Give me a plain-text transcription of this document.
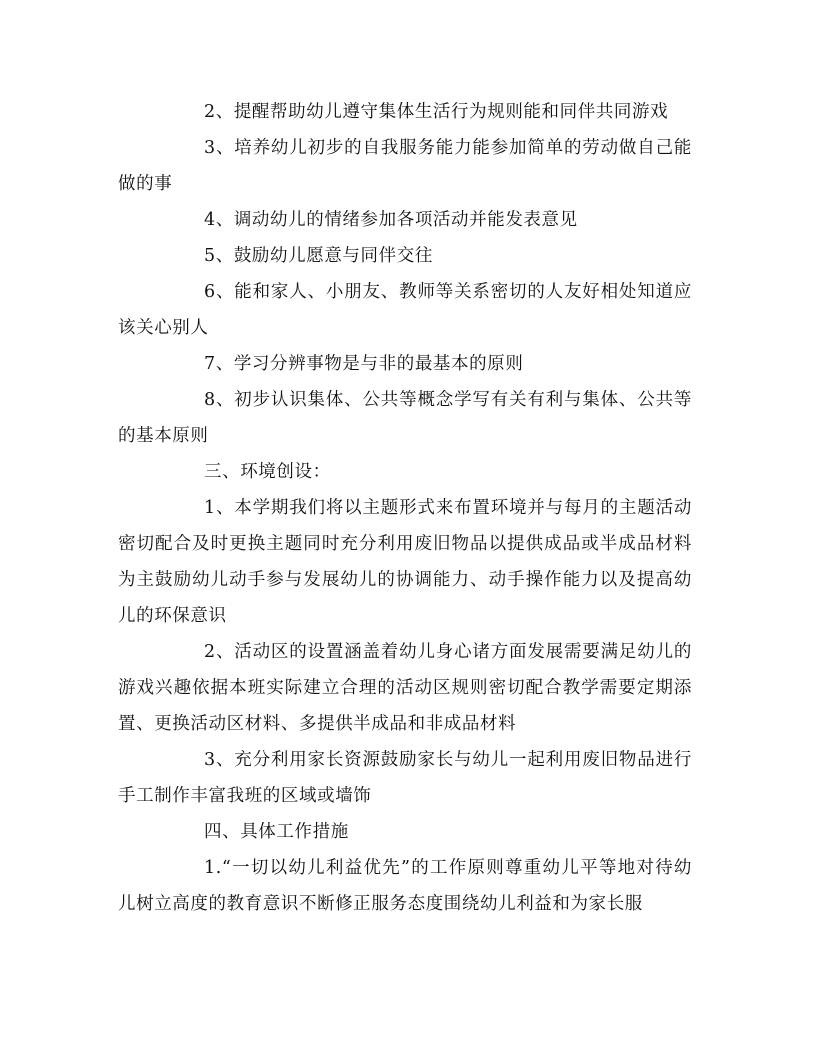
2、提醒帮助幼儿遵守集体生活行为规则能和同伴共同游戏

3、培养幼儿初步的自我服务能力能参加简单的劳动做自己能做的事

4、调动幼儿的情绪参加各项活动并能发表意见

5、鼓励幼儿愿意与同伴交往

6、能和家人、小朋友、教师等关系密切的人友好相处知道应该关心别人

7、学习分辨事物是与非的最基本的原则

8、初步认识集体、公共等概念学写有关有利与集体、公共等的基本原则

三、环境创设：

1、本学期我们将以主题形式来布置环境并与每月的主题活动密切配合及时更换主题同时充分利用废旧物品以提供成品或半成品材料为主鼓励幼儿动手参与发展幼儿的协调能力、动手操作能力以及提高幼儿的环保意识

2、活动区的设置涵盖着幼儿身心诸方面发展需要满足幼儿的游戏兴趣依据本班实际建立合理的活动区规则密切配合教学需要定期添置、更换活动区材料、多提供半成品和非成品材料

3、充分利用家长资源鼓励家长与幼儿一起利用废旧物品进行手工制作丰富我班的区域或墙饰

四、具体工作措施

1.“一切以幼儿利益优先”的工作原则尊重幼儿平等地对待幼儿树立高度的教育意识不断修正服务态度围绕幼儿利益和为家长服
